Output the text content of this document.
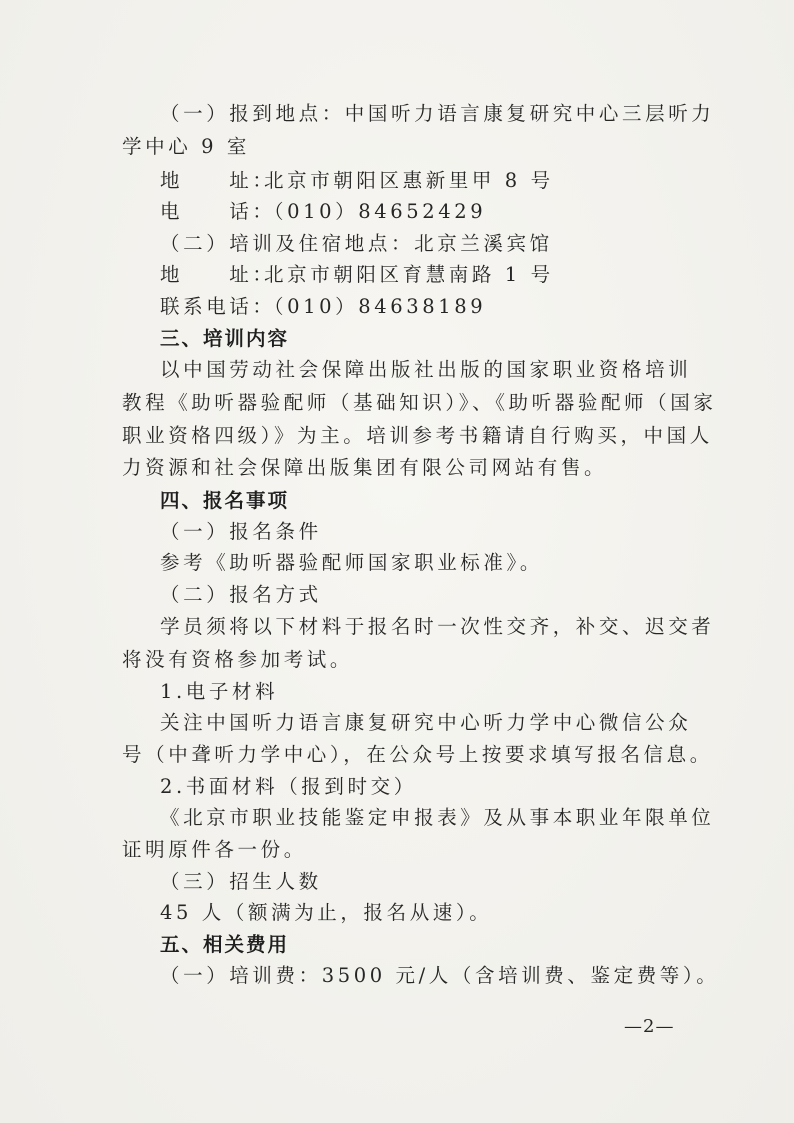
（一）报到地点：中国听力语言康复研究中心三层听力
学中心 9 室
地　　址：北京市朝阳区惠新里甲 8 号
电　　话：（010）84652429
（二）培训及住宿地点：北京兰溪宾馆
地　　址：北京市朝阳区育慧南路 1 号
联系电话：（010）84638189
三、培训内容
以中国劳动社会保障出版社出版的国家职业资格培训
教程《助听器验配师（基础知识）》、《助听器验配师（国家
职业资格四级）》为主。培训参考书籍请自行购买，中国人
力资源和社会保障出版集团有限公司网站有售。
四、报名事项
（一）报名条件
参考《助听器验配师国家职业标准》。
（二）报名方式
学员须将以下材料于报名时一次性交齐，补交、迟交者
将没有资格参加考试。
1.电子材料
关注中国听力语言康复研究中心听力学中心微信公众
号（中聋听力学中心），在公众号上按要求填写报名信息。
2.书面材料（报到时交）
《北京市职业技能鉴定申报表》及从事本职业年限单位
证明原件各一份。
（三）招生人数
45 人（额满为止，报名从速）。
五、相关费用
（一）培训费：3500 元/人（含培训费、鉴定费等）。
—2—
